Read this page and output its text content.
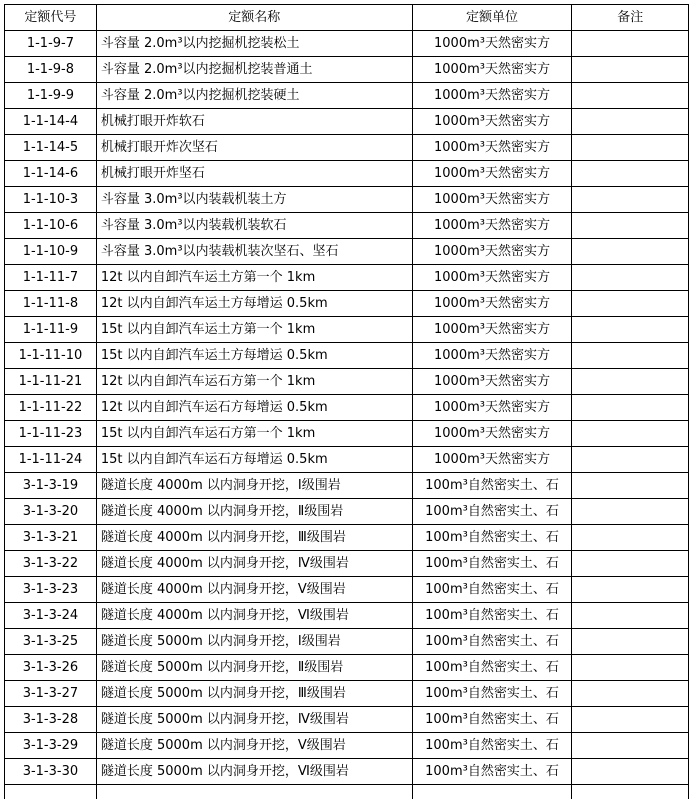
定额代号	定额名称	定额单位	备注
1-1-9-7	斗容量 2.0m³以内挖掘机挖装松土	1000m³天然密实方	
1-1-9-8	斗容量 2.0m³以内挖掘机挖装普通土	1000m³天然密实方	
1-1-9-9	斗容量 2.0m³以内挖掘机挖装硬土	1000m³天然密实方	
1-1-14-4	机械打眼开炸软石	1000m³天然密实方	
1-1-14-5	机械打眼开炸次坚石	1000m³天然密实方	
1-1-14-6	机械打眼开炸坚石	1000m³天然密实方	
1-1-10-3	斗容量 3.0m³以内装载机装土方	1000m³天然密实方	
1-1-10-6	斗容量 3.0m³以内装载机装软石	1000m³天然密实方	
1-1-10-9	斗容量 3.0m³以内装载机装次坚石、坚石	1000m³天然密实方	
1-1-11-7	12t 以内自卸汽车运土方第一个 1km	1000m³天然密实方	
1-1-11-8	12t 以内自卸汽车运土方每增运 0.5km	1000m³天然密实方	
1-1-11-9	15t 以内自卸汽车运土方第一个 1km	1000m³天然密实方	
1-1-11-10	15t 以内自卸汽车运土方每增运 0.5km	1000m³天然密实方	
1-1-11-21	12t 以内自卸汽车运石方第一个 1km	1000m³天然密实方	
1-1-11-22	12t 以内自卸汽车运石方每增运 0.5km	1000m³天然密实方	
1-1-11-23	15t 以内自卸汽车运石方第一个 1km	1000m³天然密实方	
1-1-11-24	15t 以内自卸汽车运石方每增运 0.5km	1000m³天然密实方	
3-1-3-19	隧道长度 4000m 以内洞身开挖，Ⅰ级围岩	100m³自然密实土、石	
3-1-3-20	隧道长度 4000m 以内洞身开挖，Ⅱ级围岩	100m³自然密实土、石	
3-1-3-21	隧道长度 4000m 以内洞身开挖，Ⅲ级围岩	100m³自然密实土、石	
3-1-3-22	隧道长度 4000m 以内洞身开挖，Ⅳ级围岩	100m³自然密实土、石	
3-1-3-23	隧道长度 4000m 以内洞身开挖，Ⅴ级围岩	100m³自然密实土、石	
3-1-3-24	隧道长度 4000m 以内洞身开挖，Ⅵ级围岩	100m³自然密实土、石	
3-1-3-25	隧道长度 5000m 以内洞身开挖，Ⅰ级围岩	100m³自然密实土、石	
3-1-3-26	隧道长度 5000m 以内洞身开挖，Ⅱ级围岩	100m³自然密实土、石	
3-1-3-27	隧道长度 5000m 以内洞身开挖，Ⅲ级围岩	100m³自然密实土、石	
3-1-3-28	隧道长度 5000m 以内洞身开挖，Ⅳ级围岩	100m³自然密实土、石	
3-1-3-29	隧道长度 5000m 以内洞身开挖，Ⅴ级围岩	100m³自然密实土、石	
3-1-3-30	隧道长度 5000m 以内洞身开挖，Ⅵ级围岩	100m³自然密实土、石	
